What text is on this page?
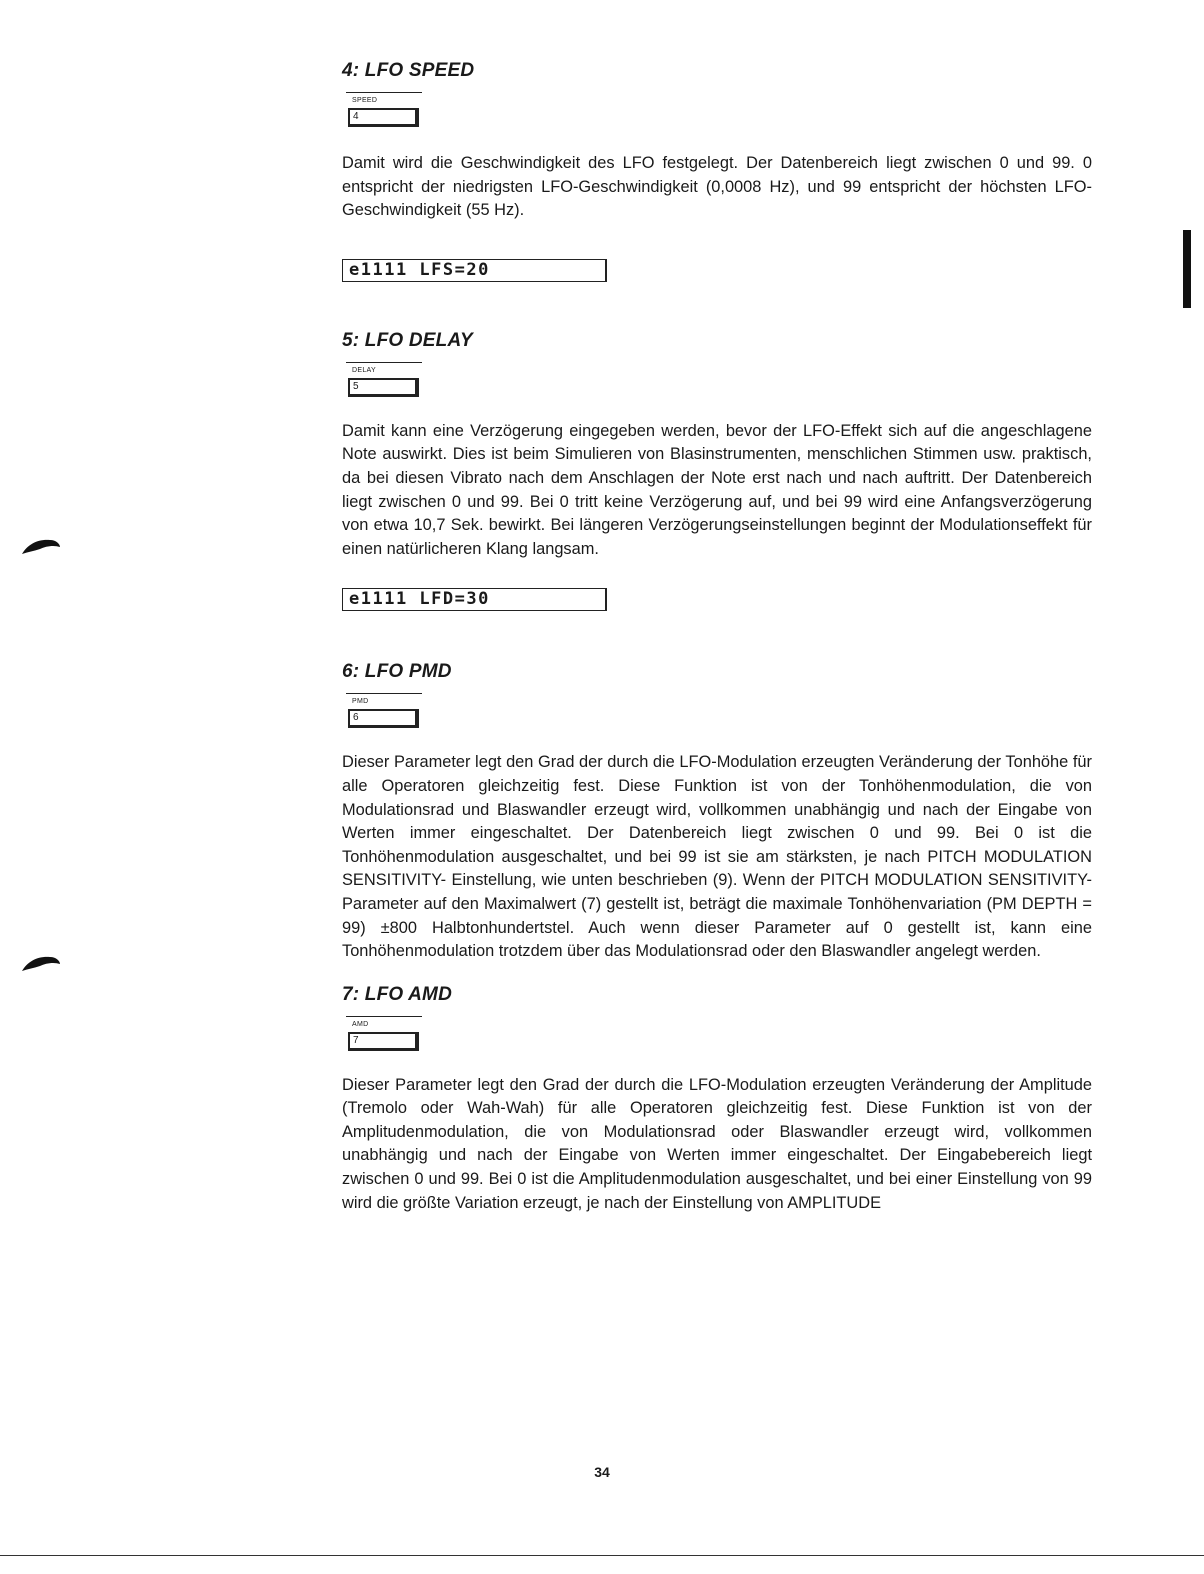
4: LFO SPEED
SPEED
4

Damit wird die Geschwindigkeit des LFO festgelegt. Der Datenbereich liegt zwischen 0 und 99. 0 entspricht der niedrigsten LFO-Geschwindigkeit (0,0008 Hz), und 99 entspricht der höchsten LFO-Geschwindigkeit (55 Hz).

e1111 LFS=20
5: LFO DELAY
DELAY
5

Damit kann eine Verzögerung eingegeben werden, bevor der LFO-Effekt sich auf die angeschlagene Note auswirkt. Dies ist beim Simulieren von Blasinstrumenten, menschlichen Stimmen usw. praktisch, da bei diesen Vibrato nach dem Anschlagen der Note erst nach und nach auftritt. Der Datenbereich liegt zwischen 0 und 99. Bei 0 tritt keine Verzögerung auf, und bei 99 wird eine Anfangsverzögerung von etwa 10,7 Sek. bewirkt. Bei längeren Verzögerungseinstellungen beginnt der Modulationseffekt für einen natürlicheren Klang langsam.

e1111 LFD=30
6: LFO PMD
PMD
6

Dieser Parameter legt den Grad der durch die LFO-Modulation erzeugten Veränderung der Tonhöhe für alle Operatoren gleichzeitig fest. Diese Funktion ist von der Tonhöhenmodulation, die von Modulationsrad und Blaswandler erzeugt wird, vollkommen unabhängig und nach der Eingabe von Werten immer eingeschaltet. Der Datenbereich liegt zwischen 0 und 99. Bei 0 ist die Tonhöhenmodulation ausgeschaltet, und bei 99 ist sie am stärksten, je nach PITCH MODULATION SENSITIVITY- Einstellung, wie unten beschrieben (9). Wenn der PITCH MODULATION SENSITIVITY-Parameter auf den Maximalwert (7) gestellt ist, beträgt die maximale Tonhöhenvariation (PM DEPTH = 99) ±800 Halbtonhundertstel. Auch wenn dieser Parameter auf 0 gestellt ist, kann eine Tonhöhenmodulation trotzdem über das Modulationsrad oder den Blaswandler angelegt werden.

7: LFO AMD
AMD
7

Dieser Parameter legt den Grad der durch die LFO-Modulation erzeugten Veränderung der Amplitude (Tremolo oder Wah-Wah) für alle Operatoren gleichzeitig fest. Diese Funktion ist von der Amplitudenmodulation, die von Modulationsrad oder Blaswandler erzeugt wird, vollkommen unabhängig und nach der Eingabe von Werten immer eingeschaltet. Der Eingabebereich liegt zwischen 0 und 99. Bei 0 ist die Amplitudenmodulation ausgeschaltet, und bei einer Einstellung von 99 wird die größte Variation erzeugt, je nach der Einstellung von AMPLITUDE

34
